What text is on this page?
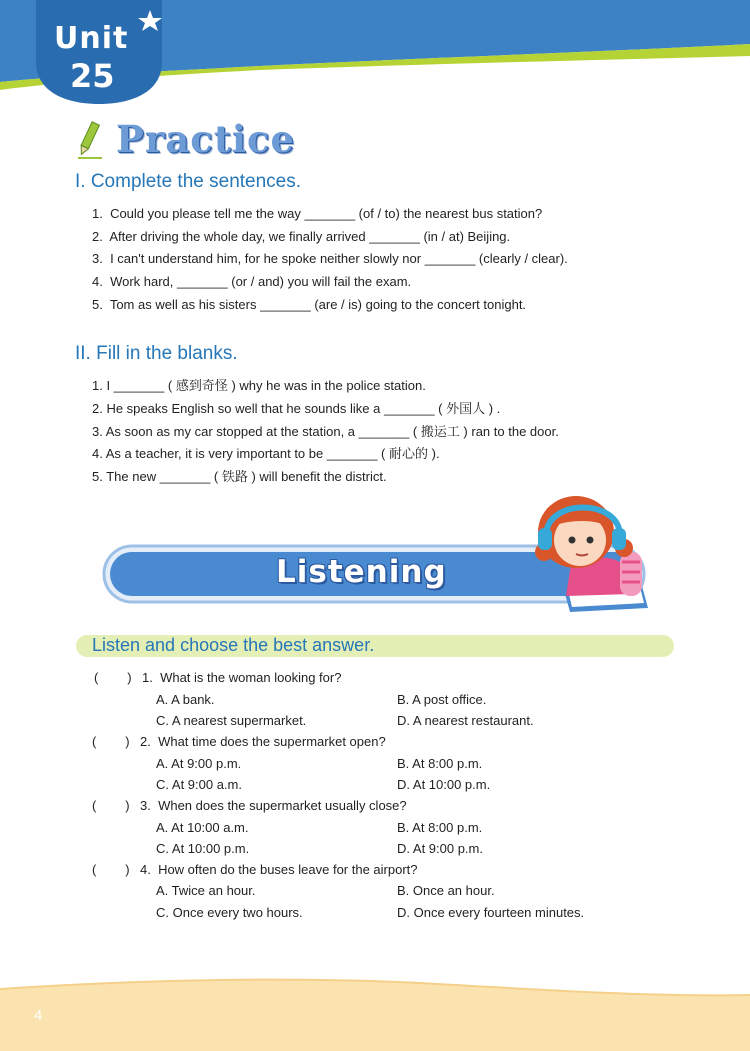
Unit
25
Practice
I. Complete the sentences.
1.  Could you please tell me the way _______ (of / to) the nearest bus station?
2.  After driving the whole day, we finally arrived _______ (in / at) Beijing.
3.  I can't understand him, for he spoke neither slowly nor _______ (clearly / clear).
4.  Work hard, _______ (or / and) you will fail the exam.
5.  Tom as well as his sisters _______ (are / is) going to the concert tonight.
II. Fill in the blanks.
1. I _______ ( 感到奇怪 ) why he was in the police station.
2. He speaks English so well that he sounds like a _______ ( 外国人 ) .
3. As soon as my car stopped at the station, a _______ ( 搬运工 ) ran to the door.
4. As a teacher, it is very important to be _______ ( 耐心的 ).
5. The new _______ ( 铁路 ) will benefit the district.
Listening
Listen and choose the best answer.
(        ) 1.  What is the woman looking for?
A. A bank.	B. A post office.
C. A nearest supermarket.	D. A nearest restaurant.
(        ) 2.  What time does the supermarket open?
A. At 9:00 p.m.	B. At 8:00 p.m.
C. At 9:00 a.m.	D. At 10:00 p.m.
(        ) 3.  When does the supermarket usually close?
A. At 10:00 a.m.	B. At 8:00 p.m.
C. At 10:00 p.m.	D. At 9:00 p.m.
(        ) 4.  How often do the buses leave for the airport?
A. Twice an hour.	B. Once an hour.
C. Once every two hours.	D. Once every fourteen minutes.
4
